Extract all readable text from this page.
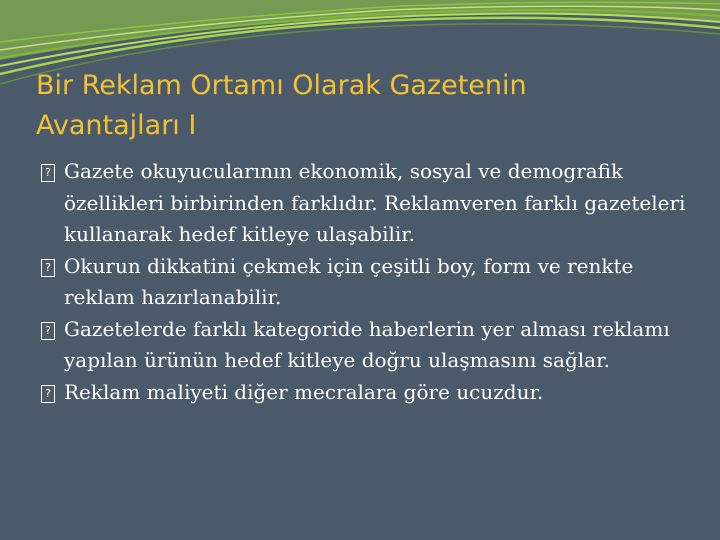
Bir Reklam Ortamı Olarak Gazetenin Avantajları I
? Gazete okuyucularının ekonomik, sosyal ve demografik özellikleri birbirinden farklıdır. Reklamveren farklı gazeteleri kullanarak hedef kitleye ulaşabilir.
? Okurun dikkatini çekmek için çeşitli boy, form ve renkte reklam hazırlanabilir.
? Gazetelerde farklı kategoride haberlerin yer alması reklamı yapılan ürünün hedef kitleye doğru ulaşmasını sağlar.
? Reklam maliyeti diğer mecralara göre ucuzdur.
